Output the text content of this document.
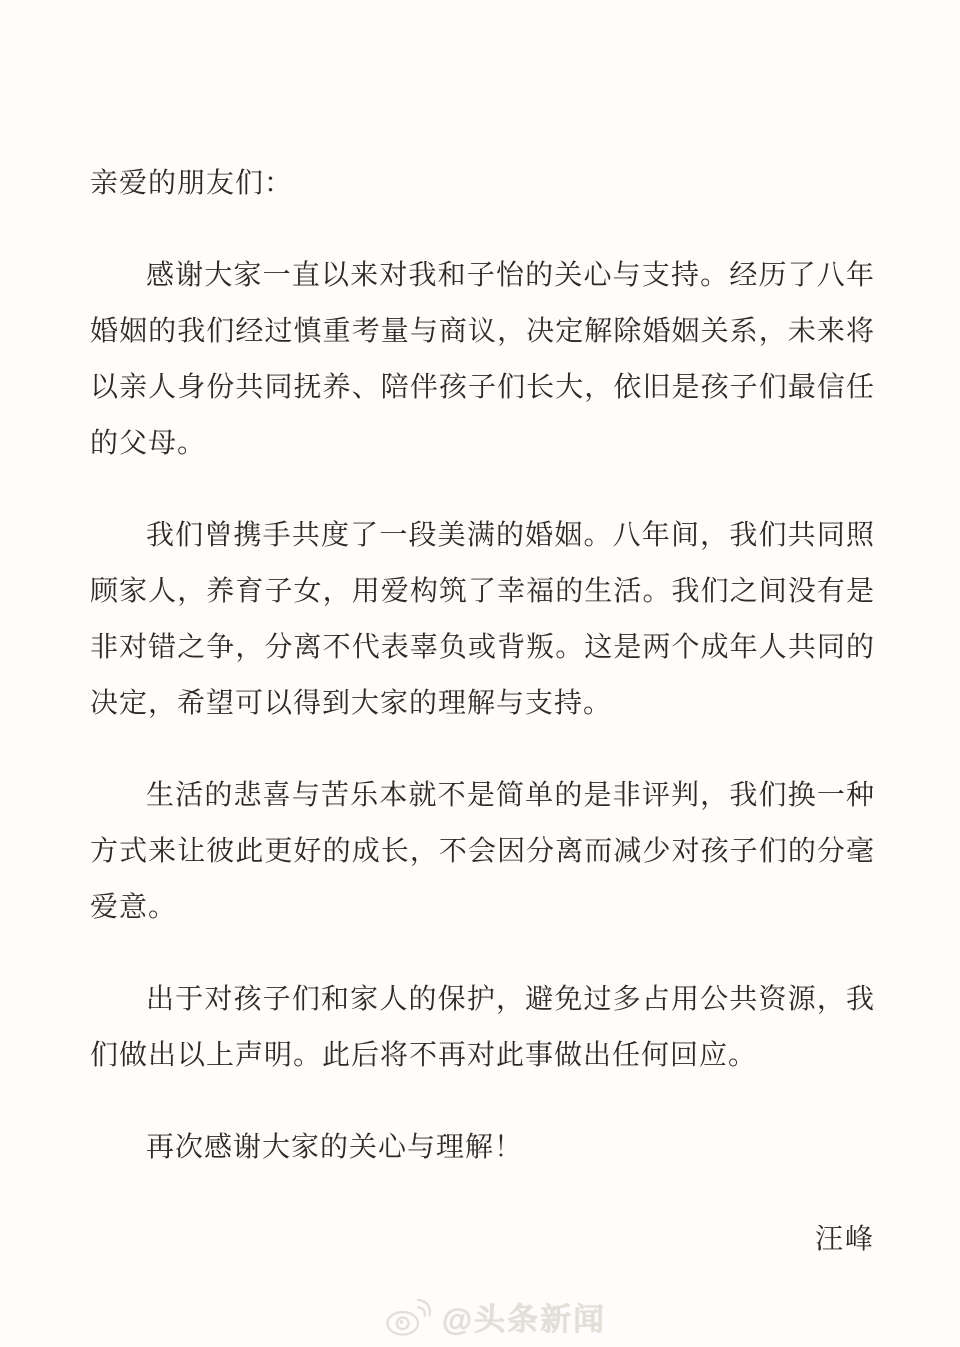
亲爱的朋友们：

感谢大家一直以来对我和子怡的关心与支持。经历了八年婚姻的我们经过慎重考量与商议，决定解除婚姻关系，未来将以亲人身份共同抚养、陪伴孩子们长大，依旧是孩子们最信任的父母。

我们曾携手共度了一段美满的婚姻。八年间，我们共同照顾家人，养育子女，用爱构筑了幸福的生活。我们之间没有是非对错之争，分离不代表辜负或背叛。这是两个成年人共同的决定，希望可以得到大家的理解与支持。

生活的悲喜与苦乐本就不是简单的是非评判，我们换一种方式来让彼此更好的成长，不会因分离而减少对孩子们的分毫爱意。

出于对孩子们和家人的保护，避免过多占用公共资源，我们做出以上声明。此后将不再对此事做出任何回应。

再次感谢大家的关心与理解！

汪峰

@头条新闻
